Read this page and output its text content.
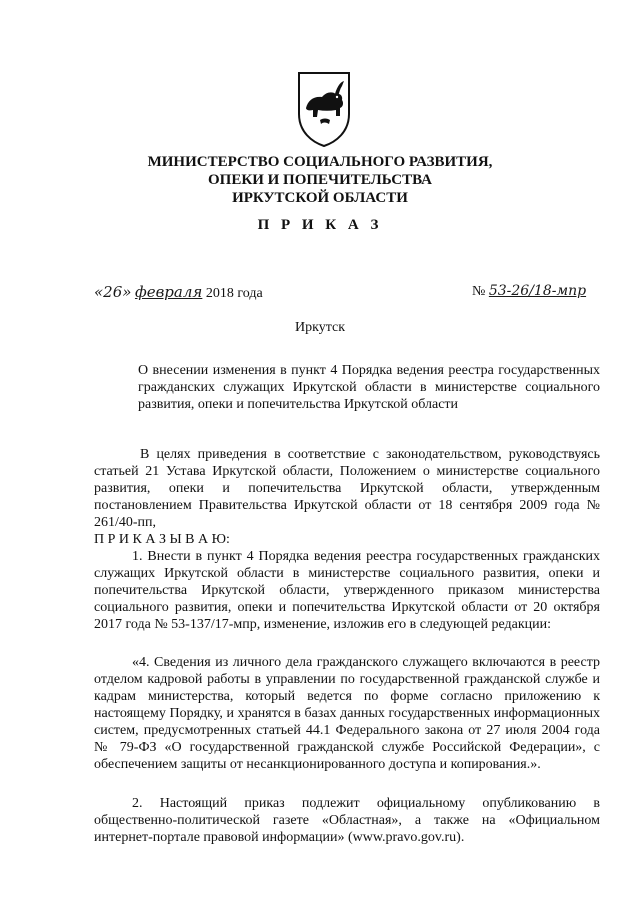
МИНИСТЕРСТВО СОЦИАЛЬНОГО РАЗВИТИЯ,
ОПЕКИ И ПОПЕЧИТЕЛЬСТВА
ИРКУТСКОЙ ОБЛАСТИ
П Р И К А З
«26» февраля 2018 года	№ 53-26/18-мпр
Иркутск

О внесении изменения в пункт 4 Порядка ведения реестра государственных гражданских служащих Иркутской области в министерстве социального развития, опеки и попечительства Иркутской области

В целях приведения в соответствие с законодательством, руководствуясь статьей 21 Устава Иркутской области, Положением о министерстве социального развития, опеки и попечительства Иркутской области, утвержденным постановлением Правительства Иркутской области от 18 сентября 2009 года № 261/40-пп,

П Р И К А З Ы В А Ю:

1. Внести в пункт 4 Порядка ведения реестра государственных гражданских служащих Иркутской области в министерстве социального развития, опеки и попечительства Иркутской области, утвержденного приказом министерства социального развития, опеки и попечительства Иркутской области от 20 октября 2017 года № 53-137/17-мпр, изменение, изложив его в следующей редакции:

«4. Сведения из личного дела гражданского служащего включаются в реестр отделом кадровой работы в управлении по государственной гражданской службе и кадрам министерства, который ведется по форме согласно приложению к настоящему Порядку, и хранятся в базах данных государственных информационных систем, предусмотренных статьей 44.1 Федерального закона от 27 июля 2004 года № 79-ФЗ «О государственной гражданской службе Российской Федерации», с обеспечением защиты от несанкционированного доступа и копирования.».

2. Настоящий приказ подлежит официальному опубликованию в общественно-политической газете «Областная», а также на «Официальном интернет-портале правовой информации» (www.pravo.gov.ru).
